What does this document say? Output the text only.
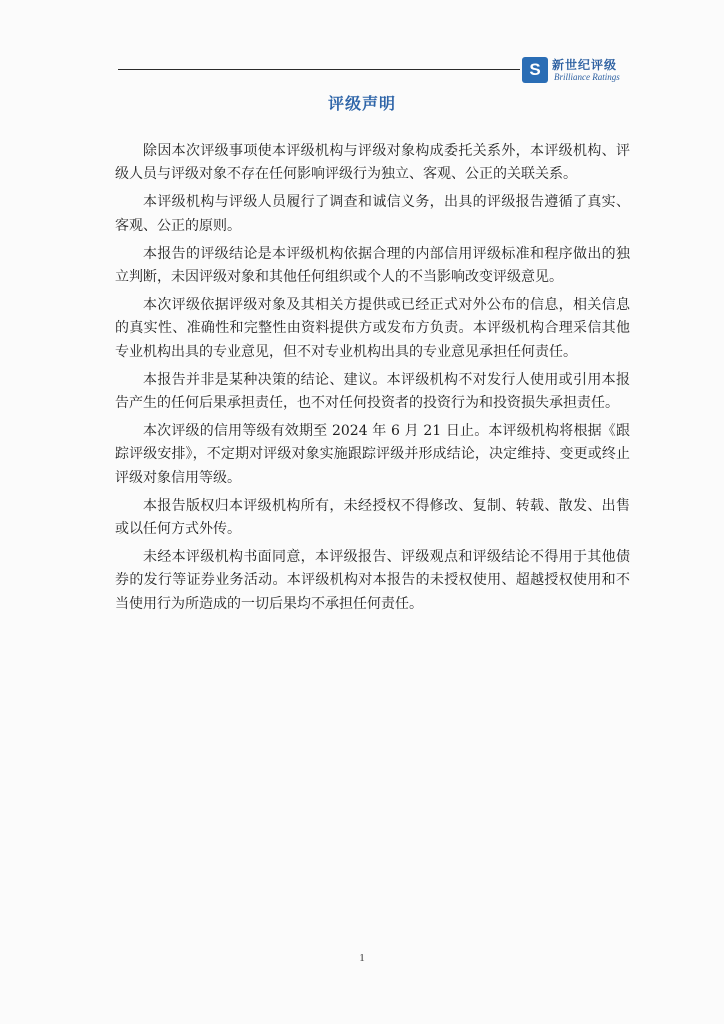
S 新世纪评级
Brilliance Ratings
评级声明

除因本次评级事项使本评级机构与评级对象构成委托关系外，本评级机构、评级人员与评级对象不存在任何影响评级行为独立、客观、公正的关联关系。

本评级机构与评级人员履行了调查和诚信义务，出具的评级报告遵循了真实、客观、公正的原则。

本报告的评级结论是本评级机构依据合理的内部信用评级标准和程序做出的独立判断，未因评级对象和其他任何组织或个人的不当影响改变评级意见。

本次评级依据评级对象及其相关方提供或已经正式对外公布的信息，相关信息的真实性、准确性和完整性由资料提供方或发布方负责。本评级机构合理采信其他专业机构出具的专业意见，但不对专业机构出具的专业意见承担任何责任。

本报告并非是某种决策的结论、建议。本评级机构不对发行人使用或引用本报告产生的任何后果承担责任，也不对任何投资者的投资行为和投资损失承担责任。

本次评级的信用等级有效期至 2024 年 6 月 21 日止。本评级机构将根据《跟踪评级安排》，不定期对评级对象实施跟踪评级并形成结论，决定维持、变更或终止评级对象信用等级。

本报告版权归本评级机构所有，未经授权不得修改、复制、转载、散发、出售或以任何方式外传。

未经本评级机构书面同意，本评级报告、评级观点和评级结论不得用于其他债券的发行等证券业务活动。本评级机构对本报告的未授权使用、超越授权使用和不当使用行为所造成的一切后果均不承担任何责任。

1
